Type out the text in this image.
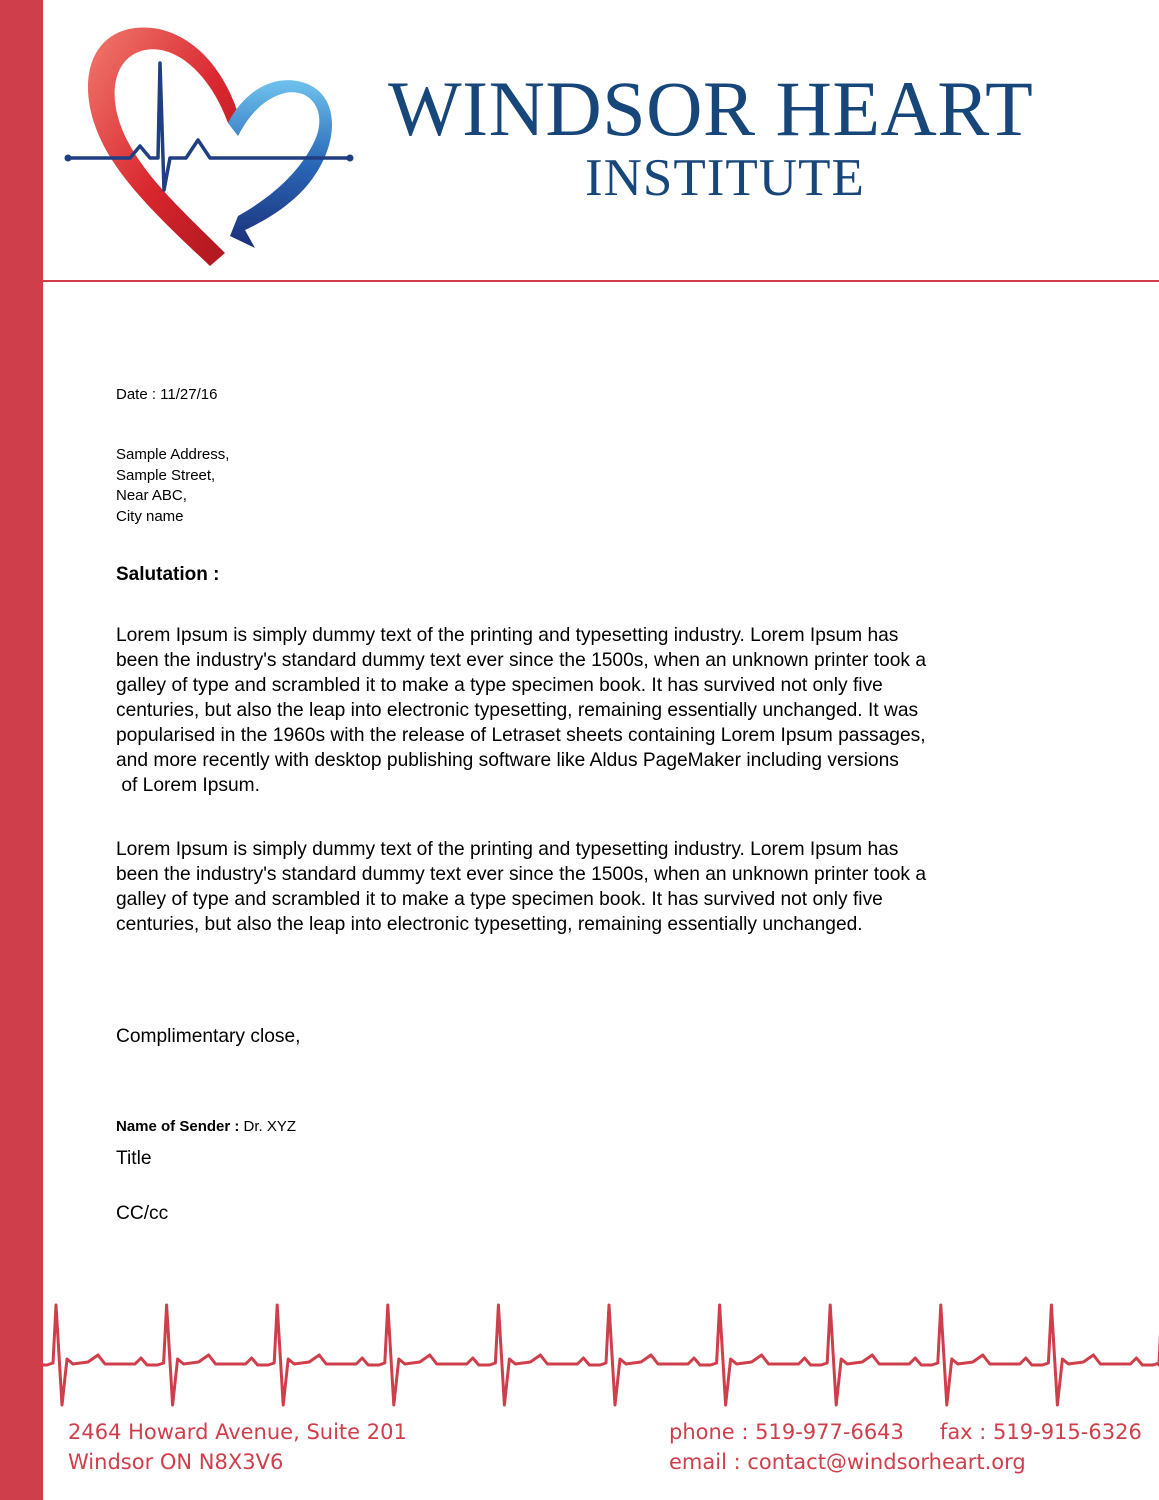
WINDSOR HEART
INSTITUTE
Date : 11/27/16
Sample Address,
Sample Street,
Near ABC,
City name
Salutation :
Lorem Ipsum is simply dummy text of the printing and typesetting industry. Lorem Ipsum has
been the industry's standard dummy text ever since the 1500s, when an unknown printer took a
galley of type and scrambled it to make a type specimen book. It has survived not only five
centuries, but also the leap into electronic typesetting, remaining essentially unchanged. It was
popularised in the 1960s with the release of Letraset sheets containing Lorem Ipsum passages,
and more recently with desktop publishing software like Aldus PageMaker including versions
of Lorem Ipsum.
Lorem Ipsum is simply dummy text of the printing and typesetting industry. Lorem Ipsum has
been the industry's standard dummy text ever since the 1500s, when an unknown printer took a
galley of type and scrambled it to make a type specimen book. It has survived not only five
centuries, but also the leap into electronic typesetting, remaining essentially unchanged.
Complimentary close,
Name of Sender : Dr. XYZ
Title
CC/cc
2464 Howard Avenue, Suite 201
Windsor ON N8X3V6
phone : 519-977-6643 fax : 519-915-6326
email : contact@windsorheart.org
